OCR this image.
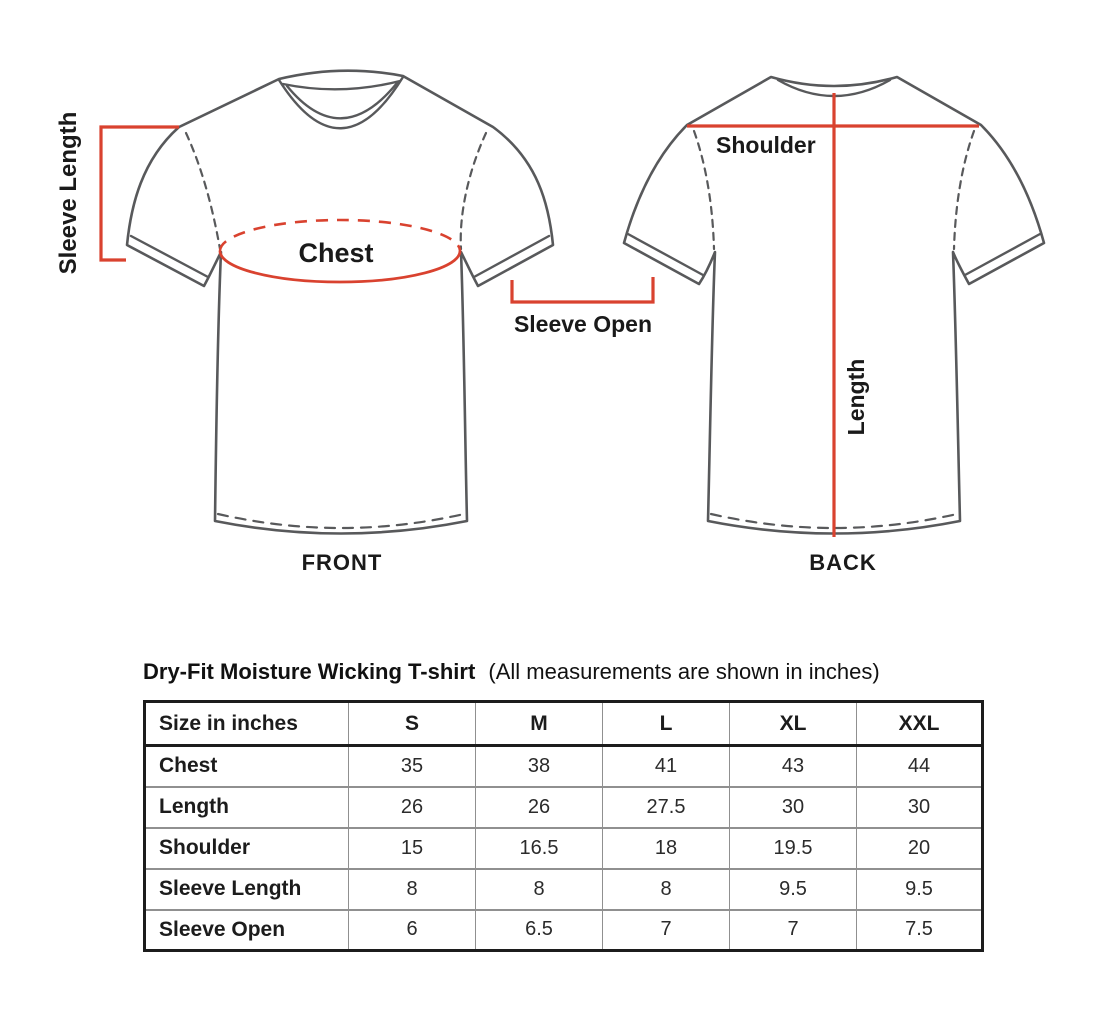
Sleeve Length	Chest
Sleeve Open
FRONT
Shoulder
Length
BACK
Dry-Fit Moisture Wicking T-shirt (All measurements are shown in inches)
Size in inches	S	M	L	XL	XXL
Chest	35	38	41	43	44
Length	26	26	27.5	30	30
Shoulder	15	16.5	18	19.5	20
Sleeve Length	8	8	8	9.5	9.5
Sleeve Open	6	6.5	7	7	7.5
